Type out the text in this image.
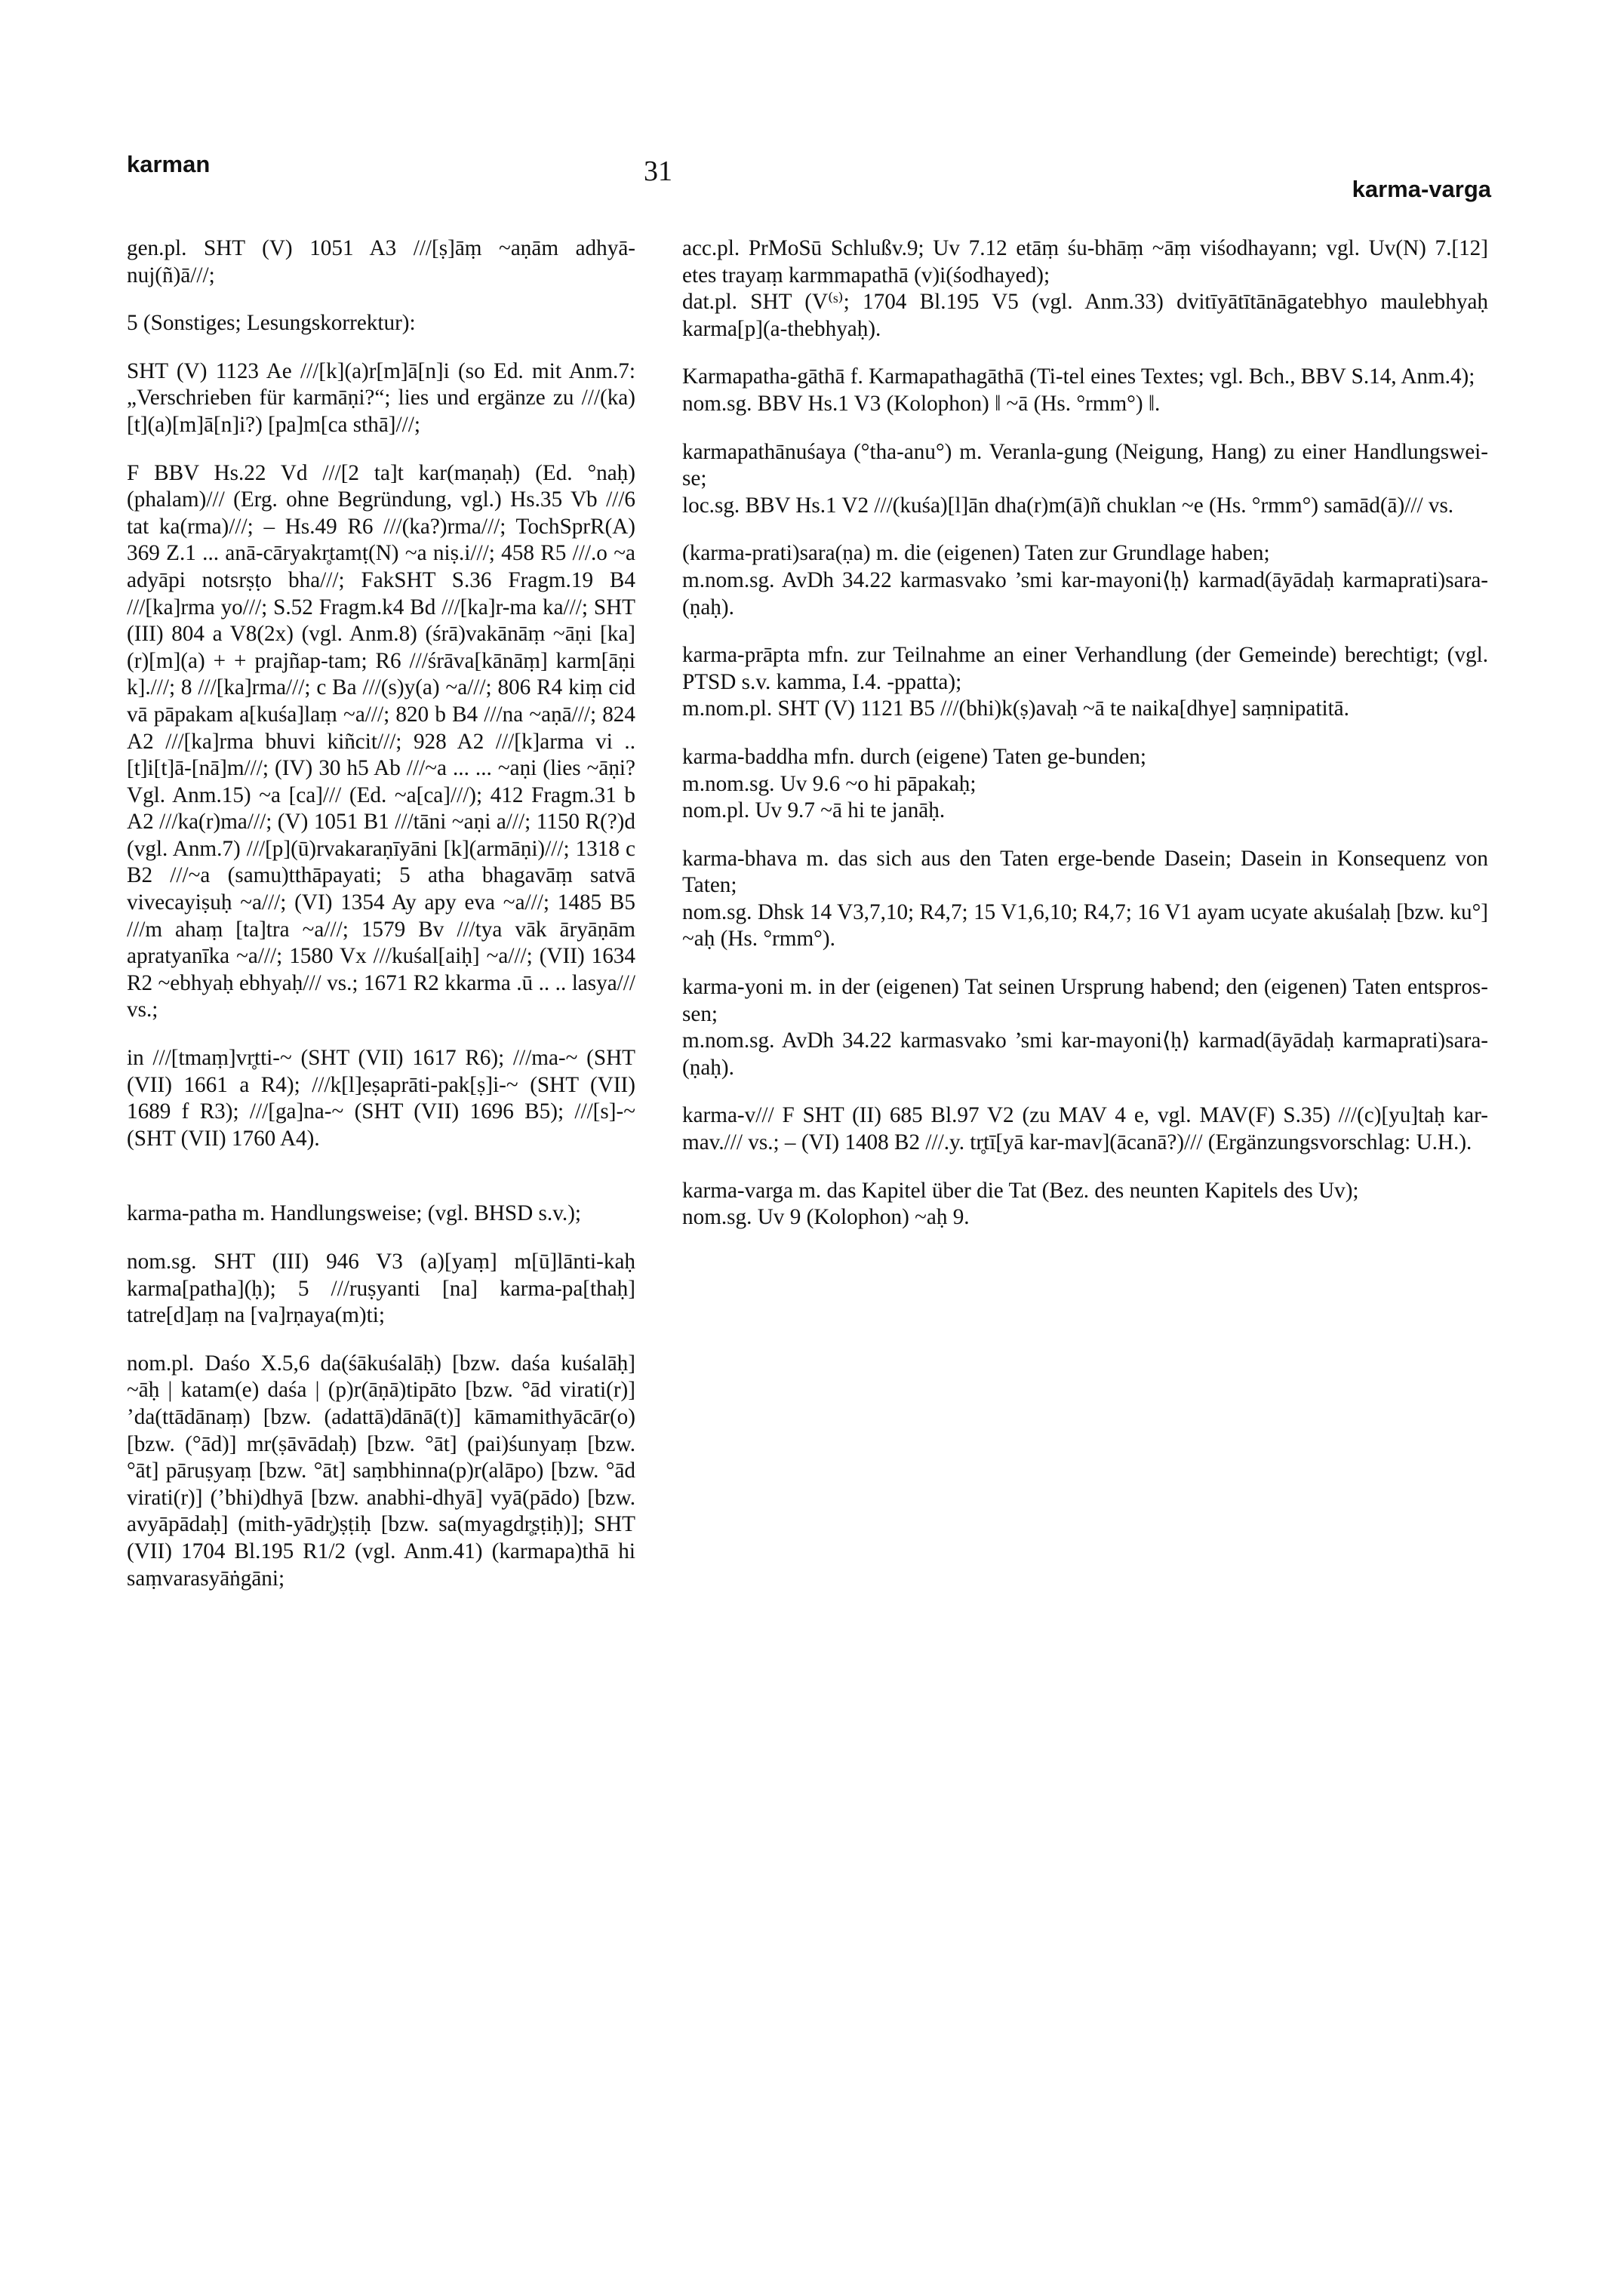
karman	31
karma-varga

gen.pl. SHT (V) 1051 A3 ///[ṣ]āṃ ~aṇām adhyā-nuj(ñ)ā///;

5 (Sonstiges; Lesungskorrektur):

SHT (V) 1123 Ae ///[k](a)r[m]ā[n]i (so Ed. mit Anm.7: „Verschrieben für karmāṇi?“; lies und ergänze zu ///(ka)[t](a)[m]ā[n]i?) [pa]m[ca sthā]///;

F BBV Hs.22 Vd ///[2 ta]t kar(maṇaḥ) (Ed. °naḥ) (phalam)/// (Erg. ohne Begründung, vgl.) Hs.35 Vb ///6 tat ka(rma)///; – Hs.49 R6 ///(ka?)rma///; TochSprR(A) 369 Z.1 ... anā-cāryakr̥tamṭ(N) ~a niṣ.i///; 458 R5 ///.o ~a adyāpi notsrṣṭo bha///; FakSHT S.36 Fragm.19 B4 ///[ka]rma yo///; S.52 Fragm.k4 Bd ///[ka]r-ma ka///; SHT (III) 804 a V8(2x) (vgl. Anm.8) (śrā)vakānāṃ ~āṇi [ka](r)[m](a) + + prajñap-tam; R6 ///śrāva[kānāṃ] karm[āṇi k].///; 8 ///[ka]rma///; c Ba ///(s)y(a) ~a///; 806 R4 kiṃ cid vā pāpakam a[kuśa]laṃ ~a///; 820 b B4 ///na ~aṇā///; 824 A2 ///[ka]rma bhuvi kiñcit///; 928 A2 ///[k]arma vi .. [t]i[t]ā-[nā]m///; (IV) 30 h5 Ab ///~a ... ... ~aṇi (lies ~āṇi? Vgl. Anm.15) ~a [ca]/// (Ed. ~a[ca]///); 412 Fragm.31 b A2 ///ka(r)ma///; (V) 1051 B1 ///tāni ~aṇi a///; 1150 R(?)d (vgl. Anm.7) ///[p](ū)rvakaraṇīyāni [k](armāṇi)///; 1318 c B2 ///~a (samu)tthāpayati; 5 atha bhagavāṃ satvā vivecayiṣuḥ ~a///; (VI) 1354 Ay apy eva ~a///; 1485 B5 ///m ahaṃ [ta]tra ~a///; 1579 Bv ///tya vāk āryāṇām apratyanīka ~a///; 1580 Vx ///kuśal[aiḥ] ~a///; (VII) 1634 R2 ~ebhyaḥ ebhyaḥ/// vs.; 1671 R2 kkarma .ū .. .. lasya/// vs.;

in ///[tmaṃ]vr̥tti-~ (SHT (VII) 1617 R6); ///ma-~ (SHT (VII) 1661 a R4); ///k[l]eṣaprāti-pak[ṣ]i-~ (SHT (VII) 1689 f R3); ///[ga]na-~ (SHT (VII) 1696 B5); ///[s]-~ (SHT (VII) 1760 A4).

karma-patha m. Handlungsweise; (vgl. BHSD s.v.);

nom.sg. SHT (III) 946 V3 (a)[yaṃ] m[ū]lānti-kaḥ karma[patha](ḥ); 5 ///ruṣyanti [na] karma-pa[thaḥ] tatre[d]aṃ na [va]rṇaya(m)ti;

nom.pl. Daśo X.5,6 da(śākuśalāḥ) [bzw. daśa kuśalāḥ] ~āḥ | katam(e) daśa | (p)r(āṇā)tipāto [bzw. °ād virati(r)] ’da(ttādānaṃ) [bzw. (adattā)dānā(t)] kāmamithyācār(o) [bzw. (°ād)] mr(ṣāvādaḥ) [bzw. °āt] (pai)śunyaṃ [bzw. °āt] pāruṣyaṃ [bzw. °āt] saṃbhinna(p)r(alāpo) [bzw. °ād virati(r)] (’bhi)dhyā [bzw. anabhi-dhyā] vyā(pādo) [bzw. avyāpādaḥ] (mith-yādr̥)ṣṭiḥ [bzw. sa(myagdr̥ṣṭiḥ)]; SHT (VII) 1704 Bl.195 R1/2 (vgl. Anm.41) (karmapa)thā hi saṃvarasyāṅgāni;

acc.pl. PrMoSū Schlußv.9; Uv 7.12 etāṃ śu-bhāṃ ~āṃ viśodhayann; vgl. Uv(N) 7.[12] etes trayaṃ karmmapathā (v)i(śodhayed);

dat.pl. SHT (V⁽ˢ⁾; 1704 Bl.195 V5 (vgl. Anm.33) dvitīyātītānāgatebhyo maulebhyaḥ karma[p](a-thebhyaḥ).

Karmapatha-gāthā f. Karmapathagāthā (Ti-tel eines Textes; vgl. Bch., BBV S.14, Anm.4);

nom.sg. BBV Hs.1 V3 (Kolophon) ‖ ~ā (Hs. °rmm°) ‖.

karmapathānuśaya (°tha-anu°) m. Veranla-gung (Neigung, Hang) zu einer Handlungswei-se;

loc.sg. BBV Hs.1 V2 ///(kuśa)[l]ān dha(r)m(ā)ñ chuklan ~e (Hs. °rmm°) samād(ā)/// vs.

(karma-prati)sara(ṇa) m. die (eigenen) Taten zur Grundlage haben;

m.nom.sg. AvDh 34.22 karmasvako ’smi kar-mayoni⟨ḥ⟩ karmad(āyādaḥ karmaprati)sara-(ṇaḥ).

karma-prāpta mfn. zur Teilnahme an einer Verhandlung (der Gemeinde) berechtigt; (vgl. PTSD s.v. kamma, I.4. -ppatta);

m.nom.pl. SHT (V) 1121 B5 ///(bhi)k(ṣ)avaḥ ~ā te naika[dhye] saṃnipatitā.

karma-baddha mfn. durch (eigene) Taten ge-bunden;

m.nom.sg. Uv 9.6 ~o hi pāpakaḥ;

nom.pl. Uv 9.7 ~ā hi te janāḥ.

karma-bhava m. das sich aus den Taten erge-bende Dasein; Dasein in Konsequenz von Taten;

nom.sg. Dhsk 14 V3,7,10; R4,7; 15 V1,6,10; R4,7; 16 V1 ayam ucyate akuśalaḥ [bzw. ku°] ~aḥ (Hs. °rmm°).

karma-yoni m. in der (eigenen) Tat seinen Ursprung habend; den (eigenen) Taten entspros-sen;

m.nom.sg. AvDh 34.22 karmasvako ’smi kar-mayoni⟨ḥ⟩ karmad(āyādaḥ karmaprati)sara-(ṇaḥ).

karma-v/// F SHT (II) 685 Bl.97 V2 (zu MAV 4 e, vgl. MAV(F) S.35) ///(c)[yu]taḥ kar-mav./// vs.; – (VI) 1408 B2 ///.y. tr̥tī[yā kar-mav](ācanā?)/// (Ergänzungsvorschlag: U.H.).

karma-varga m. das Kapitel über die Tat (Bez. des neunten Kapitels des Uv);

nom.sg. Uv 9 (Kolophon) ~aḥ 9.
